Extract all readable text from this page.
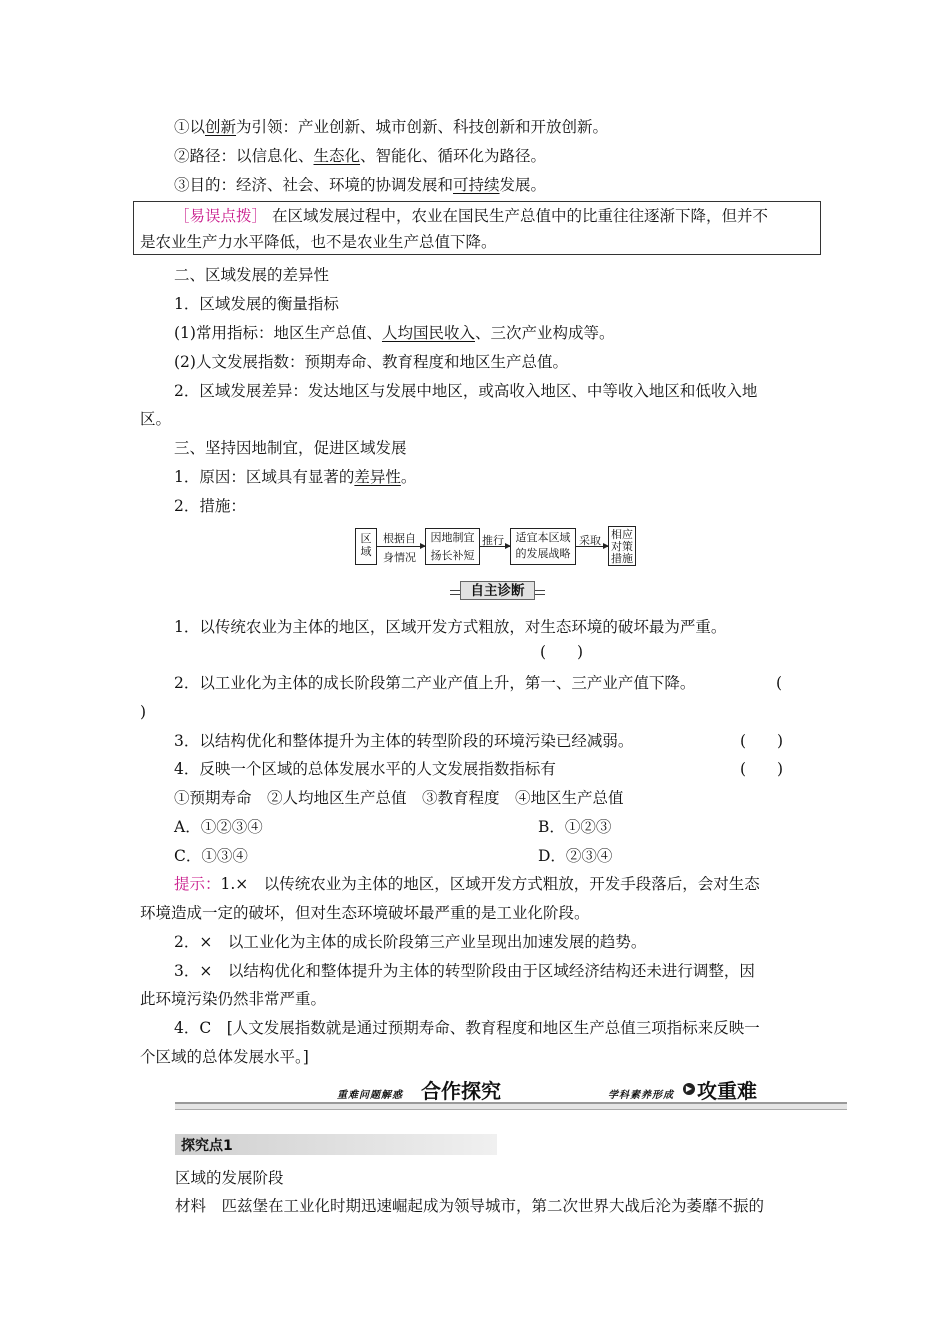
①以创新为引领：产业创新、城市创新、科技创新和开放创新。
②路径：以信息化、生态化、智能化、循环化为路径。
③目的：经济、社会、环境的协调发展和可持续发展。
［易误点拨］ 在区域发展过程中，农业在国民生产总值中的比重往往逐渐下降，但并不
是农业生产力水平降低，也不是农业生产总值下降。
二、区域发展的差异性
1．区域发展的衡量指标
(1)常用指标：地区生产总值、人均国民收入、三次产业构成等。
(2)人文发展指数：预期寿命、教育程度和地区生产总值。
2．区域发展差异：发达地区与发展中地区，或高收入地区、中等收入地区和低收入地
区。
三、坚持因地制宜，促进区域发展
1．原因：区域具有显著的差异性。
2．措施：
区域
根据自
身情况
因地制宜
扬长补短
推行	适宜本区域
的发展战略
采取 相应
对策
措施
自主诊断
1．以传统农业为主体的地区，区域开发方式粗放，对生态环境的破坏最为严重。
(　　)
2．以工业化为主体的成长阶段第二产业产值上升，第一、三产业产值下降。	(
)
3．以结构优化和整体提升为主体的转型阶段的环境污染已经减弱。	(　　)
4．反映一个区域的总体发展水平的人文发展指数指标有	(　　)
①预期寿命　②人均地区生产总值　③教育程度　④地区生产总值
A．①②③④	B．①②③
C．①③④	D．②③④
提示：1.×　以传统农业为主体的地区，区域开发方式粗放，开发手段落后，会对生态
环境造成一定的破坏，但对生态环境破坏最严重的是工业化阶段。
2．×　以工业化为主体的成长阶段第三产业呈现出加速发展的趋势。
3．×　以结构优化和整体提升为主体的转型阶段由于区域经济结构还未进行调整，因
此环境污染仍然非常严重。
4．C　[人文发展指数就是通过预期寿命、教育程度和地区生产总值三项指标来反映一
个区域的总体发展水平。]
重难问题解惑 合作探究	▶ 攻重难
学科素养形成
探究点1
区域的发展阶段
材料　匹兹堡在工业化时期迅速崛起成为领导城市，第二次世界大战后沦为萎靡不振的
